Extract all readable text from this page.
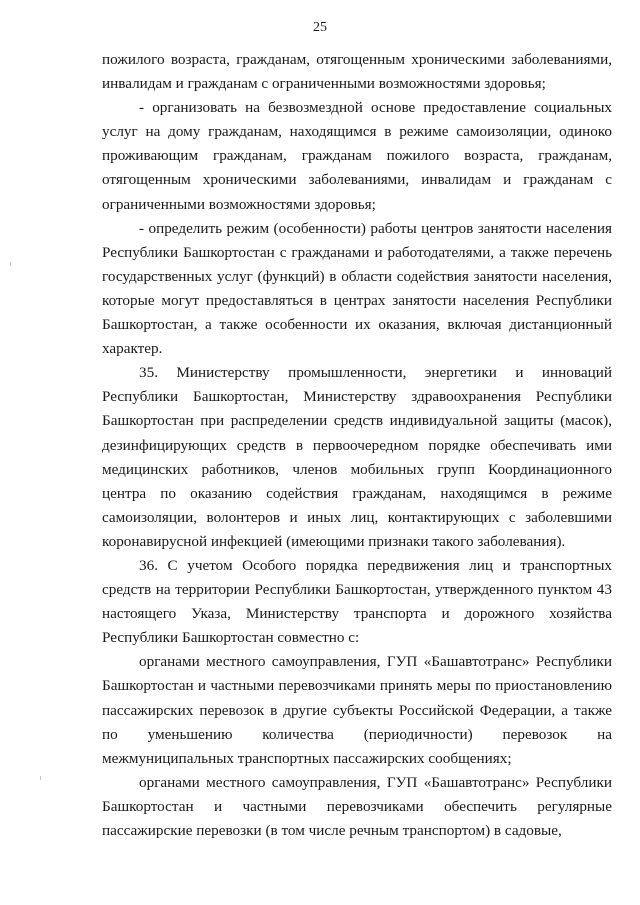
25

пожилого возраста, гражданам, отягощенным хроническими заболеваниями, инвалидам и гражданам с ограниченными возможностями здоровья;

- организовать на безвозмездной основе предоставление социальных услуг на дому гражданам, находящимся в режиме самоизоляции, одиноко проживающим гражданам, гражданам пожилого возраста, гражданам, отягощенным хроническими заболеваниями, инвалидам и гражданам с ограниченными возможностями здоровья;

- определить режим (особенности) работы центров занятости населения Республики Башкортостан с гражданами и работодателями, а также перечень государственных услуг (функций) в области содействия занятости населения, которые могут предоставляться в центрах занятости населения Республики Башкортостан, а также особенности их оказания, включая дистанционный характер.

35. Министерству промышленности, энергетики и инноваций Республики Башкортостан, Министерству здравоохранения Республики Башкортостан при распределении средств индивидуальной защиты (масок), дезинфицирующих средств в первоочередном порядке обеспечивать ими медицинских работников, членов мобильных групп Координационного центра по оказанию содействия гражданам, находящимся в режиме самоизоляции, волонтеров и иных лиц, контактирующих с заболевшими коронавирусной инфекцией (имеющими признаки такого заболевания).

36. С учетом Особого порядка передвижения лиц и транспортных средств на территории Республики Башкортостан, утвержденного пунктом 43 настоящего Указа, Министерству транспорта и дорожного хозяйства Республики Башкортостан совместно с:

органами местного самоуправления, ГУП «Башавтотранс» Республики Башкортостан и частными перевозчиками принять меры по приостановлению пассажирских перевозок в другие субъекты Российской Федерации, а также по уменьшению количества (периодичности) перевозок на межмуниципальных транспортных пассажирских сообщениях;

органами местного самоуправления, ГУП «Башавтотранс» Республики Башкортостан и частными перевозчиками обеспечить регулярные пассажирские перевозки (в том числе речным транспортом) в садовые,
